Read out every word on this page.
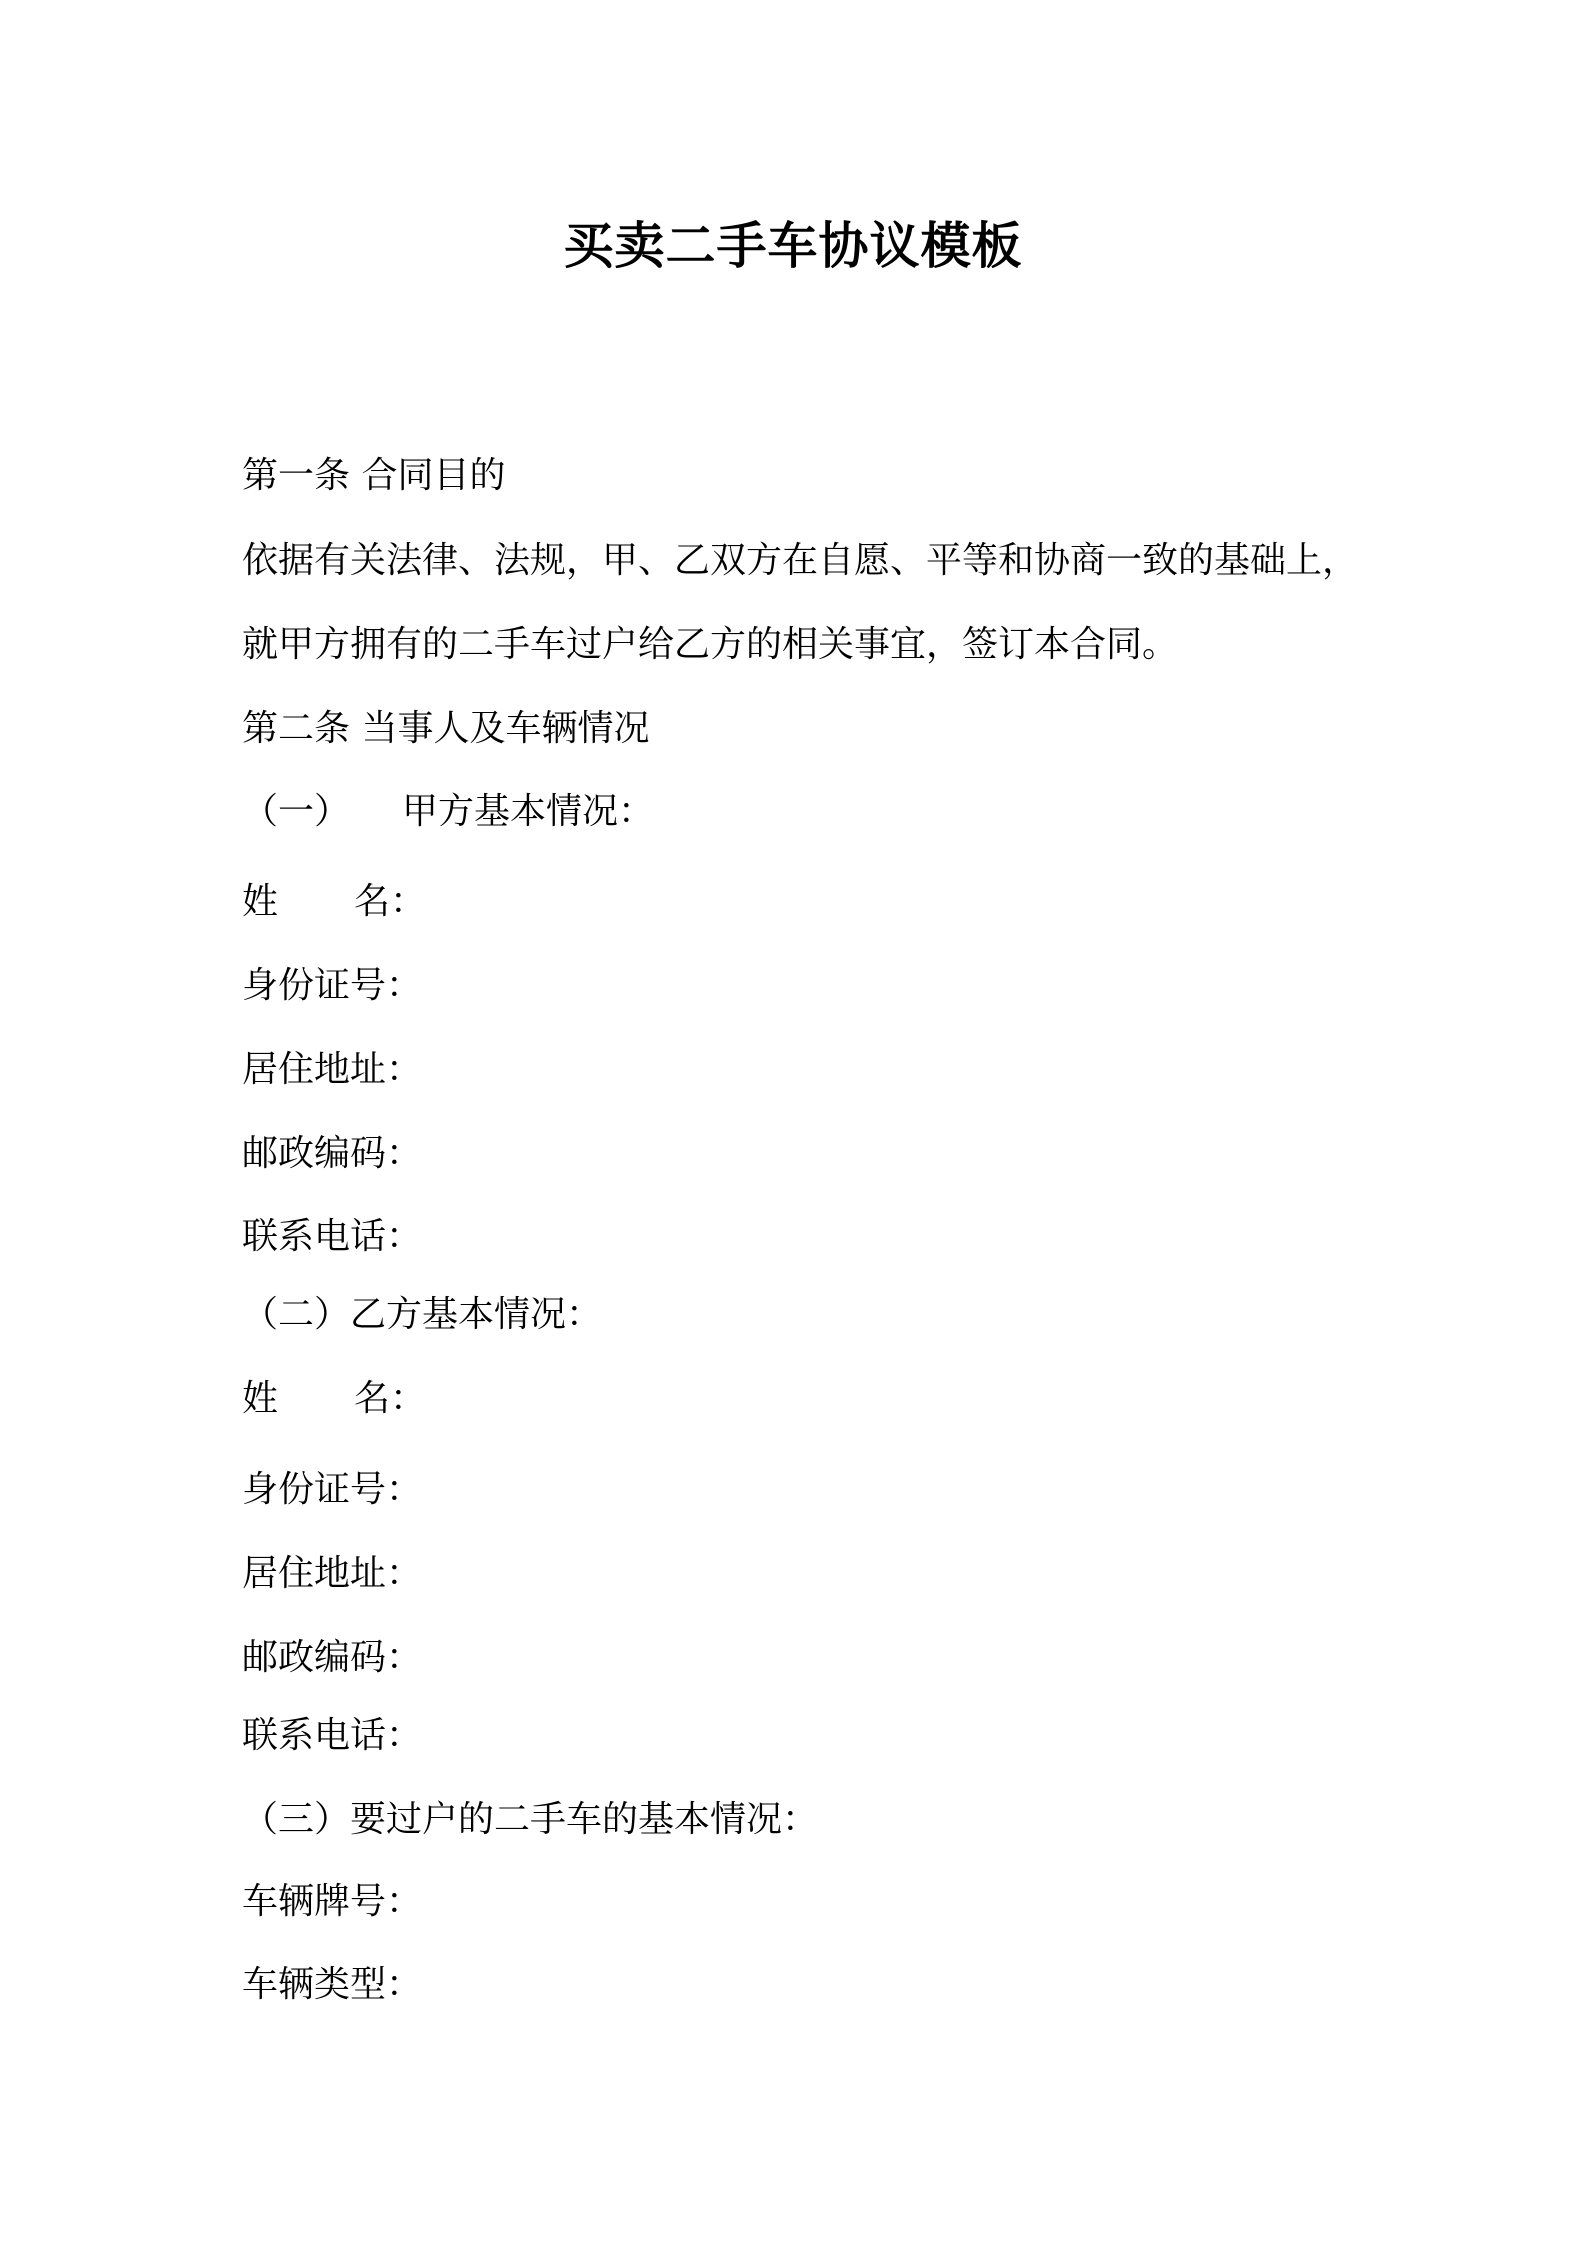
买卖二手车协议模板
第一条 合同目的
依据有关法律、法规，甲、乙双方在自愿、平等和协商一致的基础上，
就甲方拥有的二手车过户给乙方的相关事宜，签订本合同。
第二条 当事人及车辆情况
（一） 甲方基本情况：
姓 名：
身份证号：
居住地址：
邮政编码：
联系电话：
（二）乙方基本情况：
姓 名：
身份证号：
居住地址：
邮政编码：
联系电话：
（三）要过户的二手车的基本情况：
车辆牌号：
车辆类型：
